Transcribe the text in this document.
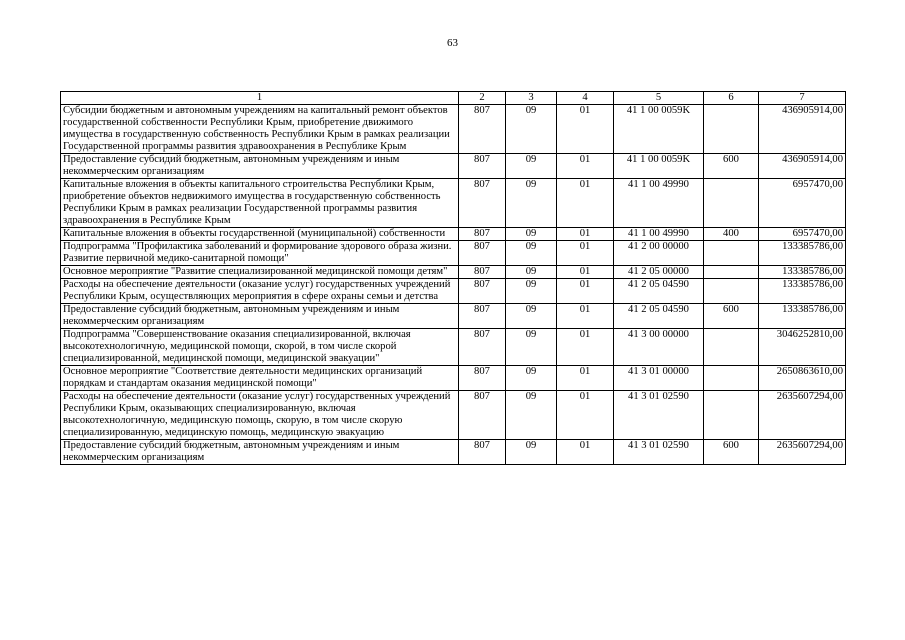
63
1	2	3	4	5	6	7
Субсидии бюджетным и автономным учреждениям на капитальный ремонт объектов государственной собственности Республики Крым, приобретение движимого имущества в государственную собственность Республики Крым в рамках реализации Государственной программы развития здравоохранения в Республике Крым	807	09	01	41 1 00 0059K		436905914,00
Предоставление субсидий бюджетным, автономным учреждениям и иным некоммерческим организациям	807	09	01	41 1 00 0059K	600	436905914,00
Капитальные вложения в объекты капитального строительства Республики Крым, приобретение объектов недвижимого имущества в государственную собственность Республики Крым в рамках реализации Государственной программы развития здравоохранения в Республике Крым	807	09	01	41 1 00 49990		6957470,00
Капитальные вложения в объекты государственной (муниципальной) собственности	807	09	01	41 1 00 49990	400	6957470,00
Подпрограмма "Профилактика заболеваний и формирование здорового образа жизни. Развитие первичной медико-санитарной помощи"	807	09	01	41 2 00 00000		133385786,00
Основное мероприятие "Развитие специализированной медицинской помощи детям"	807	09	01	41 2 05 00000		133385786,00
Расходы на обеспечение деятельности (оказание услуг) государственных учреждений Республики Крым, осуществляющих мероприятия в сфере охраны семьи и детства	807	09	01	41 2 05 04590		133385786,00
Предоставление субсидий бюджетным, автономным учреждениям и иным некоммерческим организациям	807	09	01	41 2 05 04590	600	133385786,00
Подпрограмма "Совершенствование оказания специализированной, включая высокотехнологичную, медицинской помощи, скорой, в том числе скорой специализированной, медицинской помощи, медицинской эвакуации"	807	09	01	41 3 00 00000		3046252810,00
Основное мероприятие "Соответствие деятельности медицинских организаций порядкам и стандартам оказания медицинской помощи"	807	09	01	41 3 01 00000		2650863610,00
Расходы на обеспечение деятельности (оказание услуг) государственных учреждений Республики Крым, оказывающих специализированную, включая высокотехнологичную, медицинскую помощь, скорую, в том числе скорую специализированную, медицинскую помощь, медицинскую эвакуацию	807	09	01	41 3 01 02590		2635607294,00
Предоставление субсидий бюджетным, автономным учреждениям и иным некоммерческим организациям	807	09	01	41 3 01 02590	600	2635607294,00
